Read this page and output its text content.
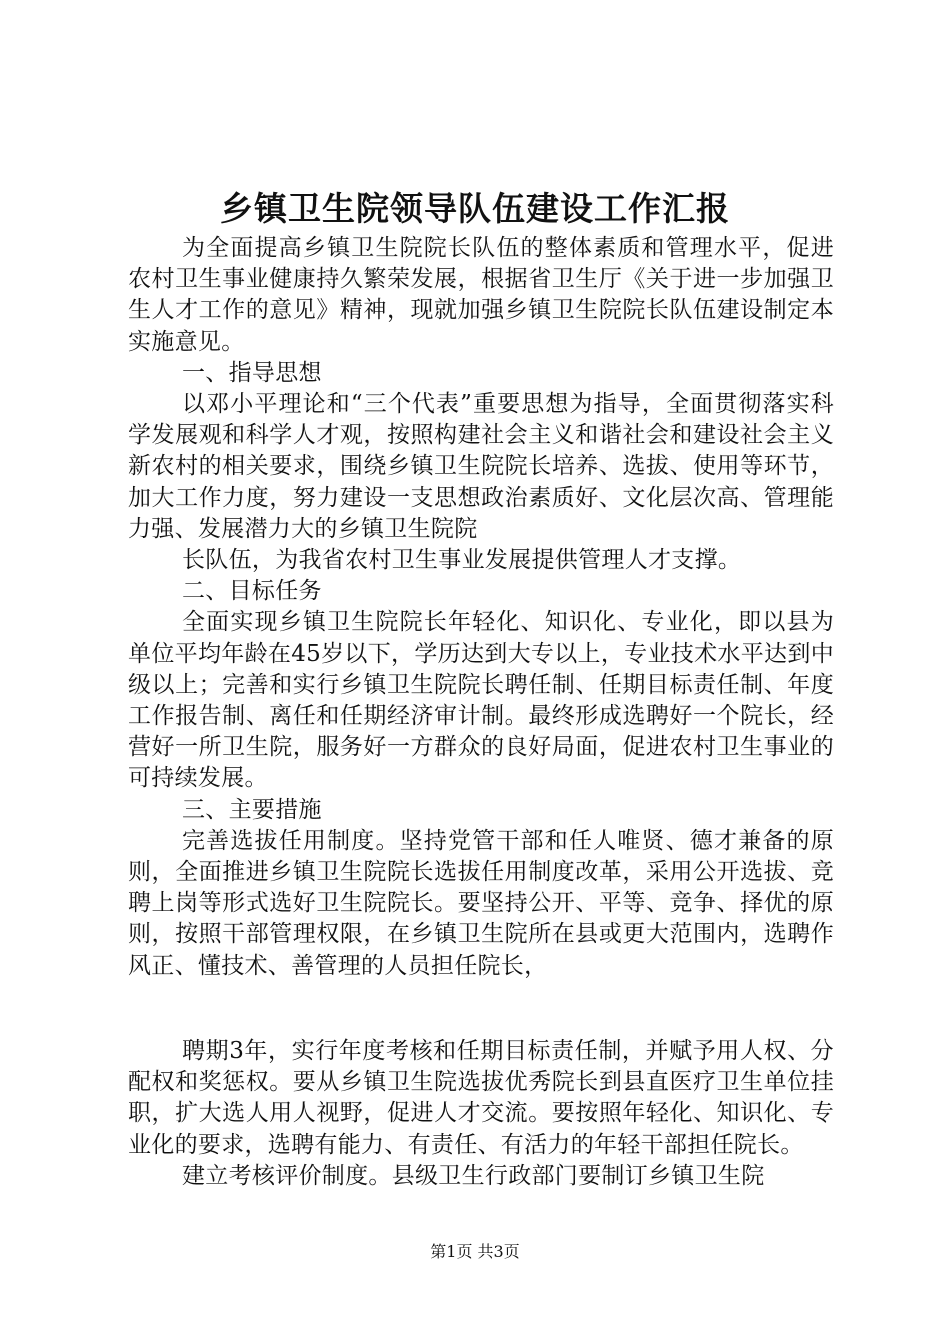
乡镇卫生院领导队伍建设工作汇报

为全面提高乡镇卫生院院长队伍的整体素质和管理水平，促进农村卫生事业健康持久繁荣发展，根据省卫生厅《关于进一步加强卫生人才工作的意见》精神，现就加强乡镇卫生院院长队伍建设制定本实施意见。

一、指导思想

以邓小平理论和“三个代表”重要思想为指导，全面贯彻落实科学发展观和科学人才观，按照构建社会主义和谐社会和建设社会主义新农村的相关要求，围绕乡镇卫生院院长培养、选拔、使用等环节，加大工作力度，努力建设一支思想政治素质好、文化层次高、管理能力强、发展潜力大的乡镇卫生院院

长队伍，为我省农村卫生事业发展提供管理人才支撑。

二、目标任务

全面实现乡镇卫生院院长年轻化、知识化、专业化，即以县为单位平均年龄在45岁以下，学历达到大专以上，专业技术水平达到中级以上；完善和实行乡镇卫生院院长聘任制、任期目标责任制、年度工作报告制、离任和任期经济审计制。最终形成选聘好一个院长，经营好一所卫生院，服务好一方群众的良好局面，促进农村卫生事业的可持续发展。

三、主要措施

完善选拔任用制度。坚持党管干部和任人唯贤、德才兼备的原则，全面推进乡镇卫生院院长选拔任用制度改革，采用公开选拔、竞聘上岗等形式选好卫生院院长。要坚持公开、平等、竞争、择优的原则，按照干部管理权限，在乡镇卫生院所在县或更大范围内，选聘作风正、懂技术、善管理的人员担任院长，

聘期3年，实行年度考核和任期目标责任制，并赋予用人权、分配权和奖惩权。要从乡镇卫生院选拔优秀院长到县直医疗卫生单位挂职，扩大选人用人视野，促进人才交流。要按照年轻化、知识化、专业化的要求，选聘有能力、有责任、有活力的年轻干部担任院长。

建立考核评价制度。县级卫生行政部门要制订乡镇卫生院

第1页 共3页
